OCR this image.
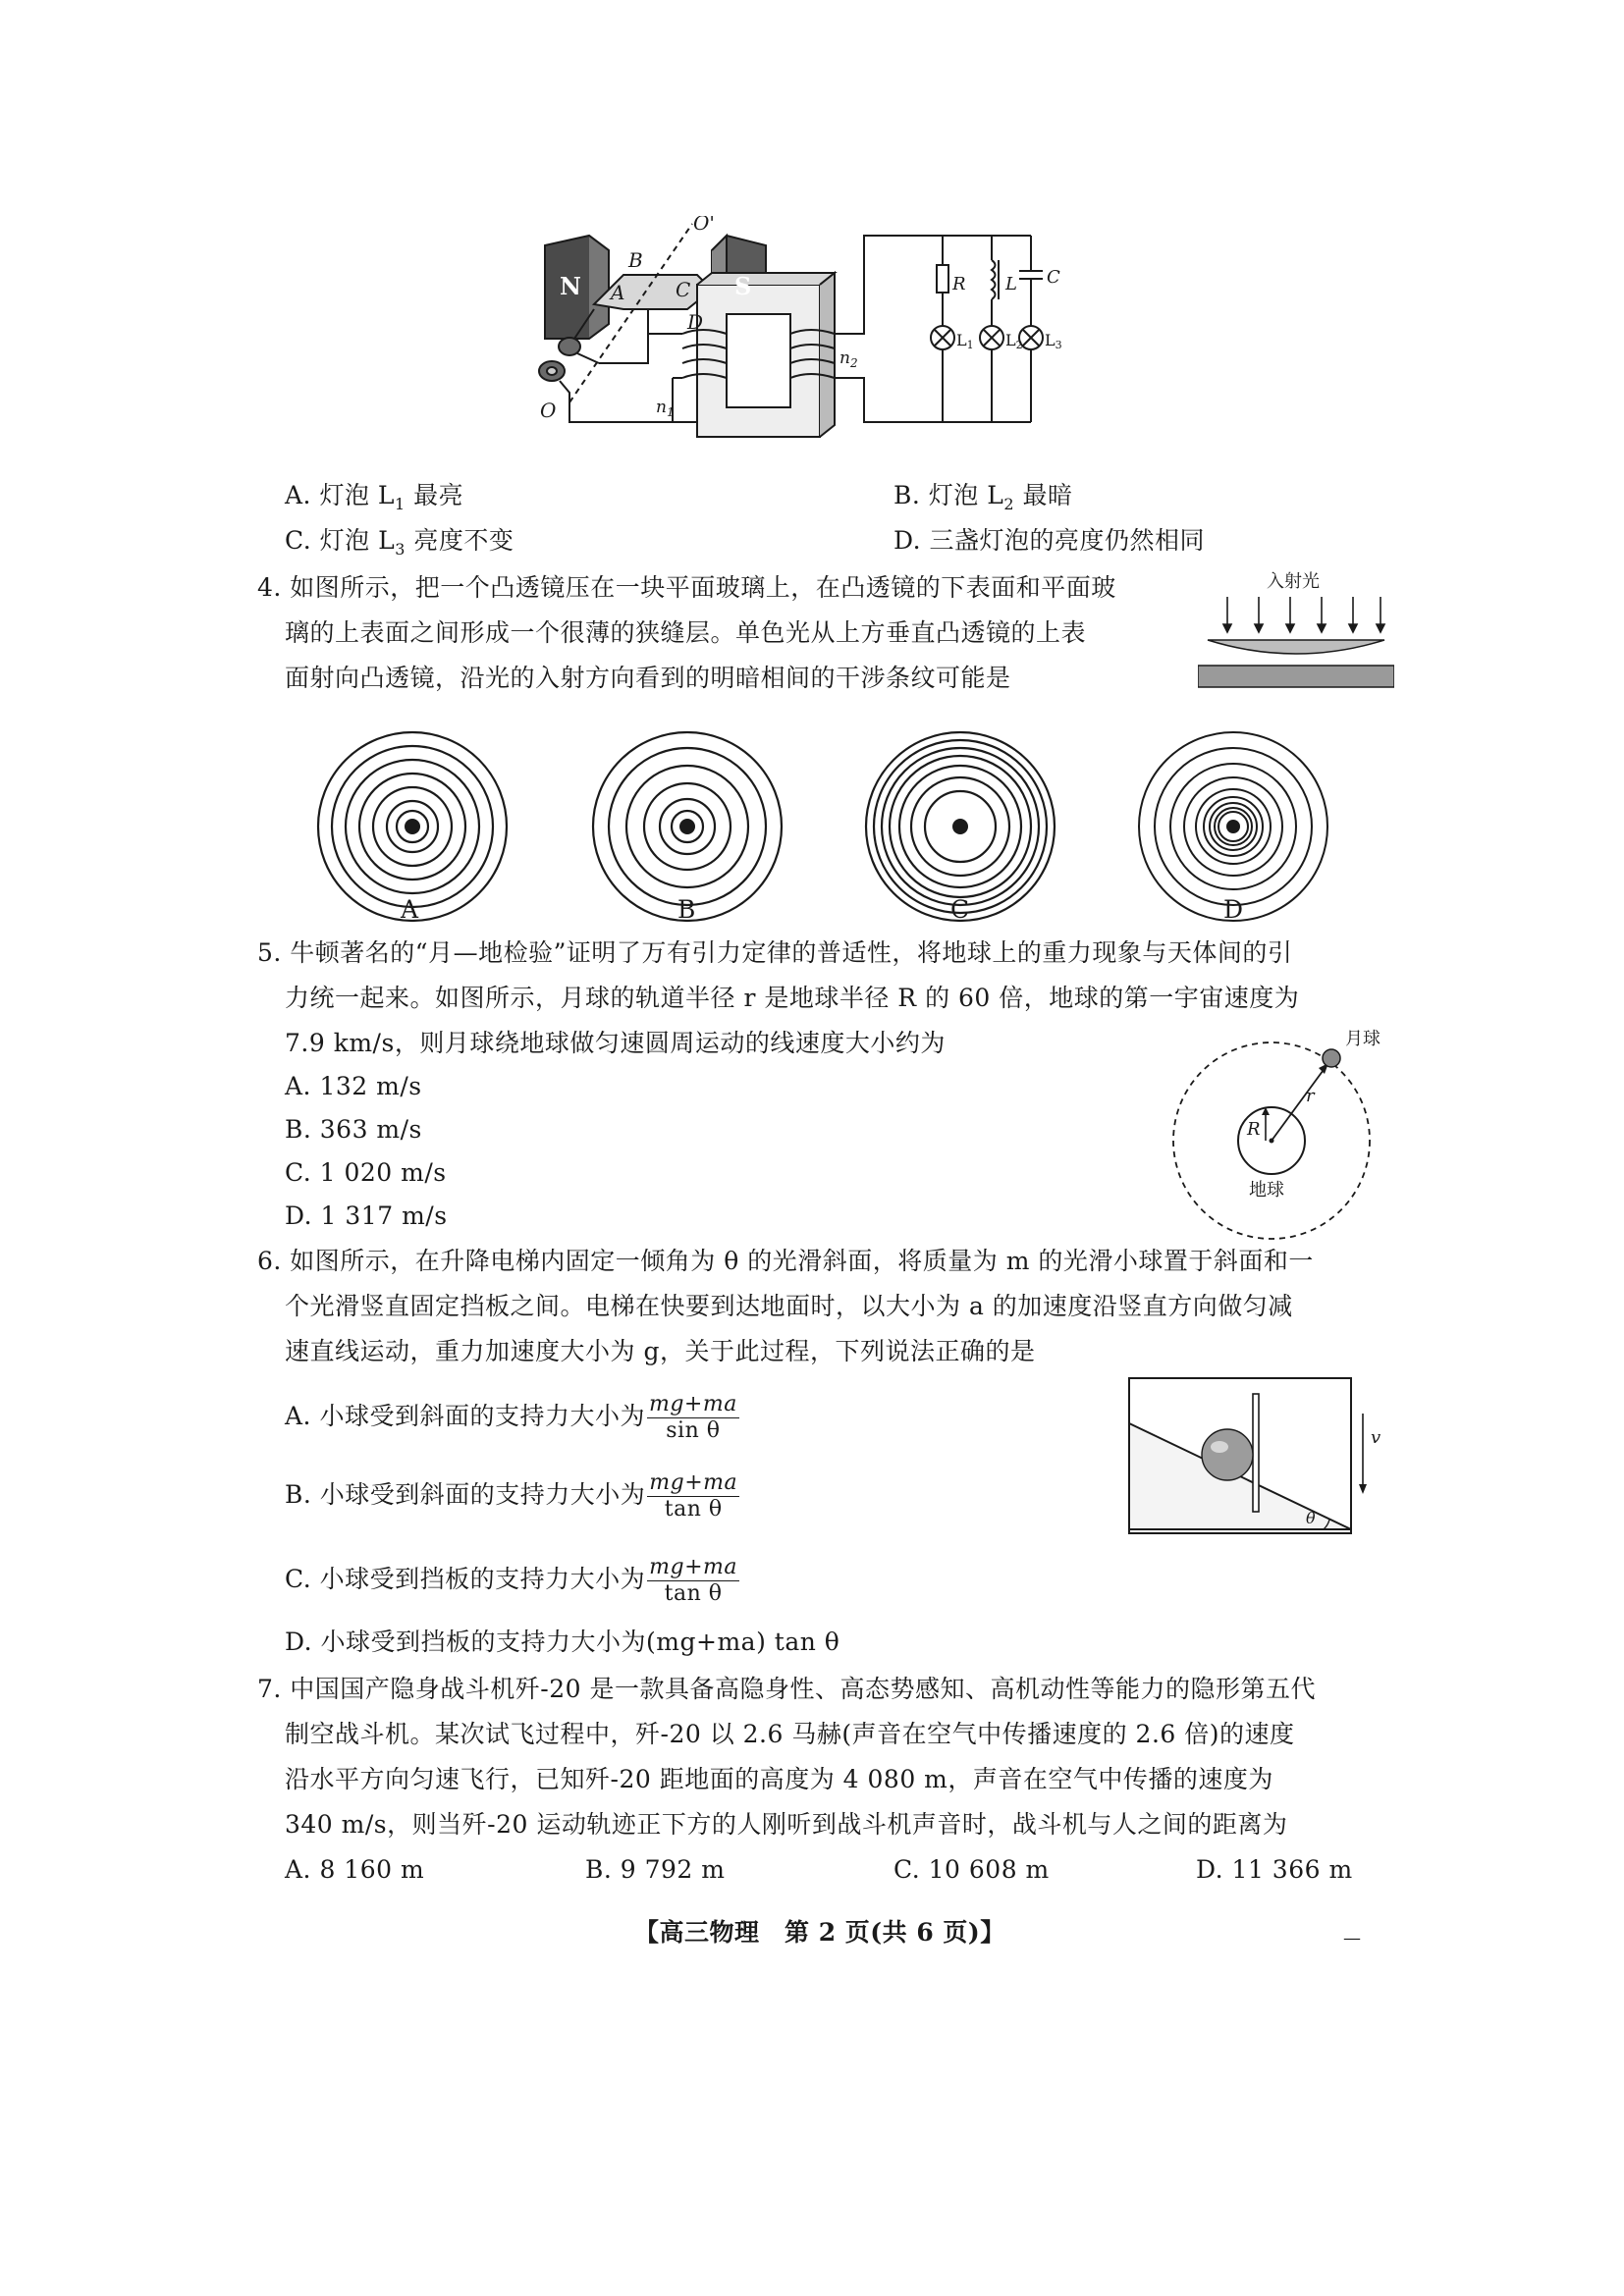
N	S
O'
O
A
B
C
D
$n_1$
$n_2$
R L C
L1 L2 L3
A. 灯泡 $L_1$ 最亮	B. 灯泡 $L_2$ 最暗
C. 灯泡 $L_3$ 亮度不变	D. 三盏灯泡的亮度仍然相同
4. 如图所示，把一个凸透镜压在一块平面玻璃上，在凸透镜的下表面和平面玻
璃的上表面之间形成一个很薄的狭缝层。单色光从上方垂直凸透镜的上表
面射向凸透镜，沿光的入射方向看到的明暗相间的干涉条纹可能是
入射光
A	B	C	D
5. 牛顿著名的“月—地检验”证明了万有引力定律的普适性，将地球上的重力现象与天体间的引
力统一起来。如图所示，月球的轨道半径 r 是地球半径 R 的 60 倍，地球的第一宇宙速度为
7.9 km/s，则月球绕地球做匀速圆周运动的线速度大小约为
A. 132 m/s
B. 363 m/s
C. 1 020 m/s
D. 1 317 m/s
月球
地球
R
r
6. 如图所示，在升降电梯内固定一倾角为 θ 的光滑斜面，将质量为 m 的光滑小球置于斜面和一
个光滑竖直固定挡板之间。电梯在快要到达地面时，以大小为 a 的加速度沿竖直方向做匀减
速直线运动，重力加速度大小为 g，关于此过程，下列说法正确的是
A. 小球受到斜面的支持力大小为 $\frac{mg+ma}{\text{sin θ}}$
B. 小球受到斜面的支持力大小为 $\frac{mg+ma}{\text{tan θ}}$
C. 小球受到挡板的支持力大小为 $\frac{mg+ma}{\text{tan θ}}$
D. 小球受到挡板的支持力大小为(mg+ma) tan θ
θ
v
7. 中国国产隐身战斗机歼-20 是一款具备高隐身性、高态势感知、高机动性等能力的隐形第五代
制空战斗机。某次试飞过程中，歼-20 以 2.6 马赫(声音在空气中传播速度的 2.6 倍)的速度
沿水平方向匀速飞行，已知歼-20 距地面的高度为 4 080 m，声音在空气中传播的速度为
340 m/s，则当歼-20 运动轨迹正下方的人刚听到战斗机声音时，战斗机与人之间的距离为
A. 8 160 m	B. 9 792 m	C. 10 608 m	D. 11 366 m
【高三物理　第 2 页(共 6 页)】	—
